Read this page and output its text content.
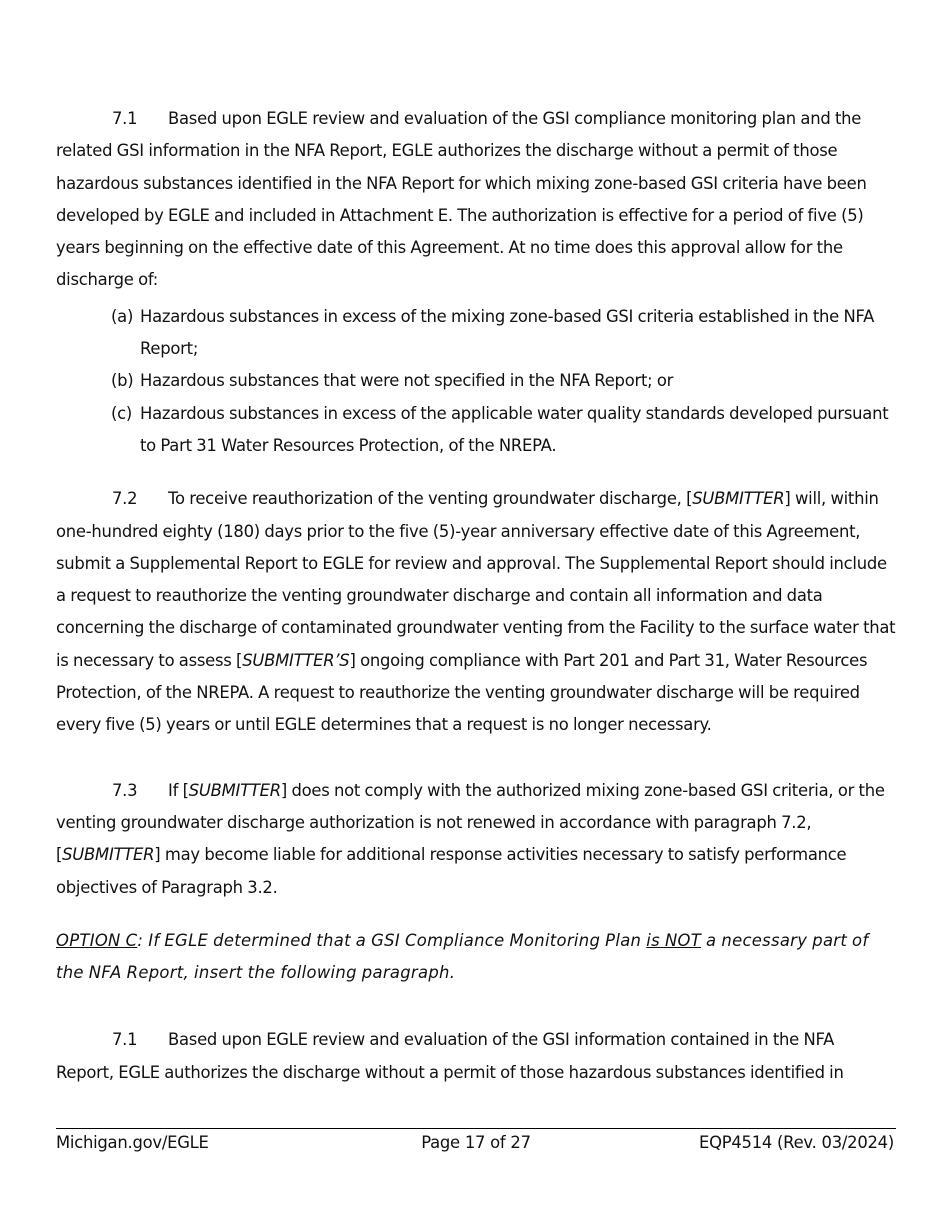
7.1 Based upon EGLE review and evaluation of the GSI compliance monitoring plan and the related GSI information in the NFA Report, EGLE authorizes the discharge without a permit of those hazardous substances identified in the NFA Report for which mixing zone-based GSI criteria have been developed by EGLE and included in Attachment E. The authorization is effective for a period of five (5) years beginning on the effective date of this Agreement. At no time does this approval allow for the discharge of:

(a) Hazardous substances in excess of the mixing zone-based GSI criteria established in the NFA Report;
(b) Hazardous substances that were not specified in the NFA Report; or
(c) Hazardous substances in excess of the applicable water quality standards developed pursuant to Part 31 Water Resources Protection, of the NREPA.

7.2 To receive reauthorization of the venting groundwater discharge, [SUBMITTER] will, within one-hundred eighty (180) days prior to the five (5)-year anniversary effective date of this Agreement, submit a Supplemental Report to EGLE for review and approval. The Supplemental Report should include a request to reauthorize the venting groundwater discharge and contain all information and data concerning the discharge of contaminated groundwater venting from the Facility to the surface water that is necessary to assess [SUBMITTER’S] ongoing compliance with Part 201 and Part 31, Water Resources Protection, of the NREPA. A request to reauthorize the venting groundwater discharge will be required every five (5) years or until EGLE determines that a request is no longer necessary.

7.3 If [SUBMITTER] does not comply with the authorized mixing zone-based GSI criteria, or the venting groundwater discharge authorization is not renewed in accordance with paragraph 7.2, [SUBMITTER] may become liable for additional response activities necessary to satisfy performance objectives of Paragraph 3.2.

OPTION C: If EGLE determined that a GSI Compliance Monitoring Plan is NOT a necessary part of the NFA Report, insert the following paragraph.

7.1 Based upon EGLE review and evaluation of the GSI information contained in the NFA Report, EGLE authorizes the discharge without a permit of those hazardous substances identified in

Michigan.gov/EGLE	Page 17 of 27	EQP4514 (Rev. 03/2024)
